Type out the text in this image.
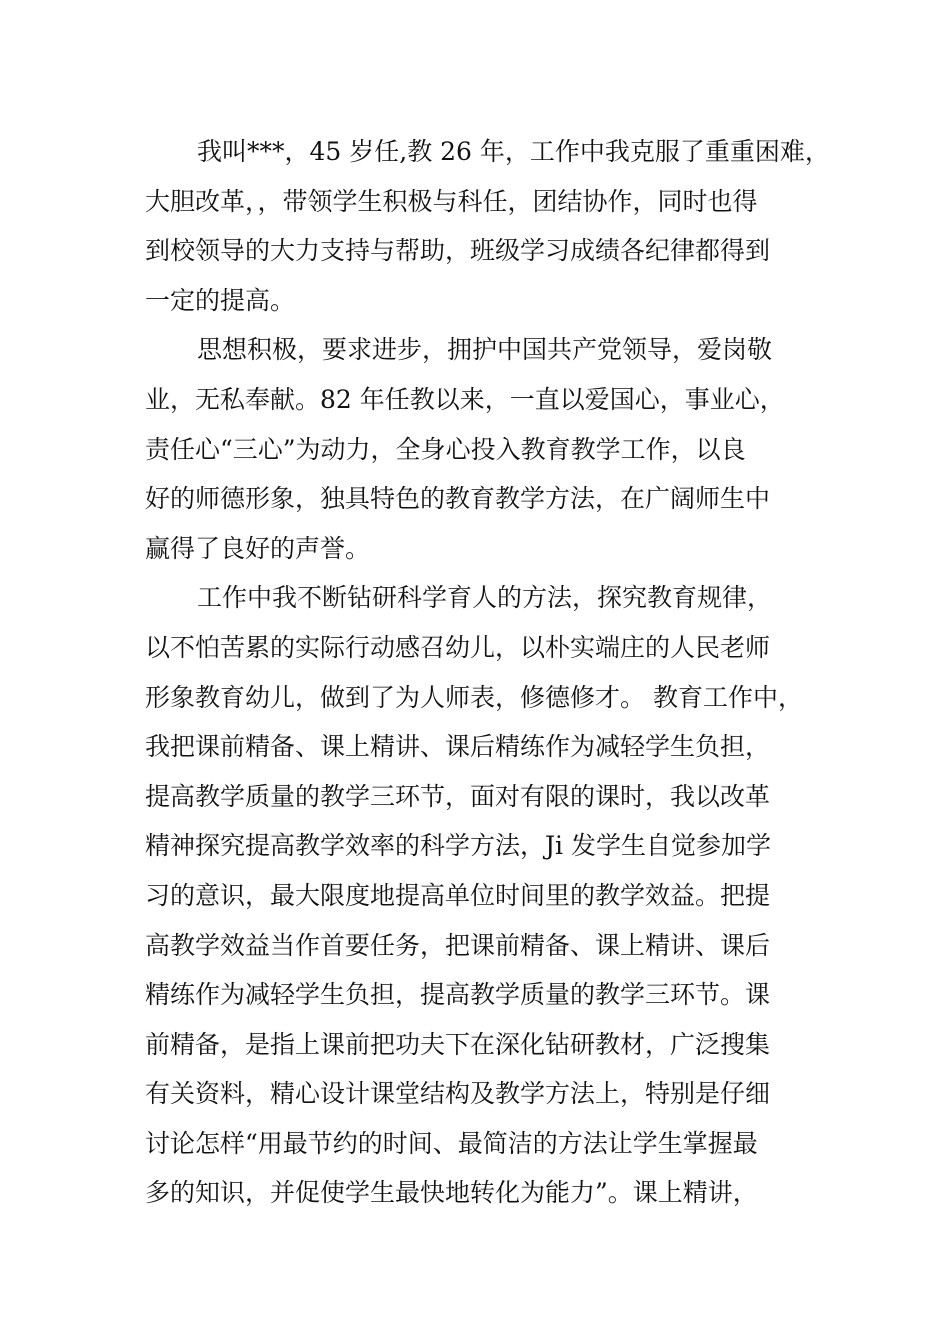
我叫***，45 岁任,教 26 年，工作中我克服了重重困难，
大胆改革，，带领学生积极与科任，团结协作，同时也得
到校领导的大力支持与帮助，班级学习成绩各纪律都得到
一定的提高。
思想积极，要求进步，拥护中国共产党领导，爱岗敬
业，无私奉献。82 年任教以来，一直以爱国心，事业心，
责任心“三心”为动力，全身心投入教育教学工作，以良
好的师德形象，独具特色的教育教学方法，在广阔师生中
赢得了良好的声誉。
工作中我不断钻研科学育人的方法，探究教育规律，
以不怕苦累的实际行动感召幼儿，以朴实端庄的人民老师
形象教育幼儿，做到了为人师表，修德修才。 教育工作中，
我把课前精备、课上精讲、课后精练作为减轻学生负担，
提高教学质量的教学三环节，面对有限的课时，我以改革
精神探究提高教学效率的科学方法，Ji 发学生自觉参加学
习的意识，最大限度地提高单位时间里的教学效益。把提
高教学效益当作首要任务，把课前精备、课上精讲、课后
精练作为减轻学生负担，提高教学质量的教学三环节。课
前精备，是指上课前把功夫下在深化钻研教材，广泛搜集
有关资料，精心设计课堂结构及教学方法上，特别是仔细
讨论怎样“用最节约的时间、最简洁的方法让学生掌握最
多的知识，并促使学生最快地转化为能力”。课上精讲，
